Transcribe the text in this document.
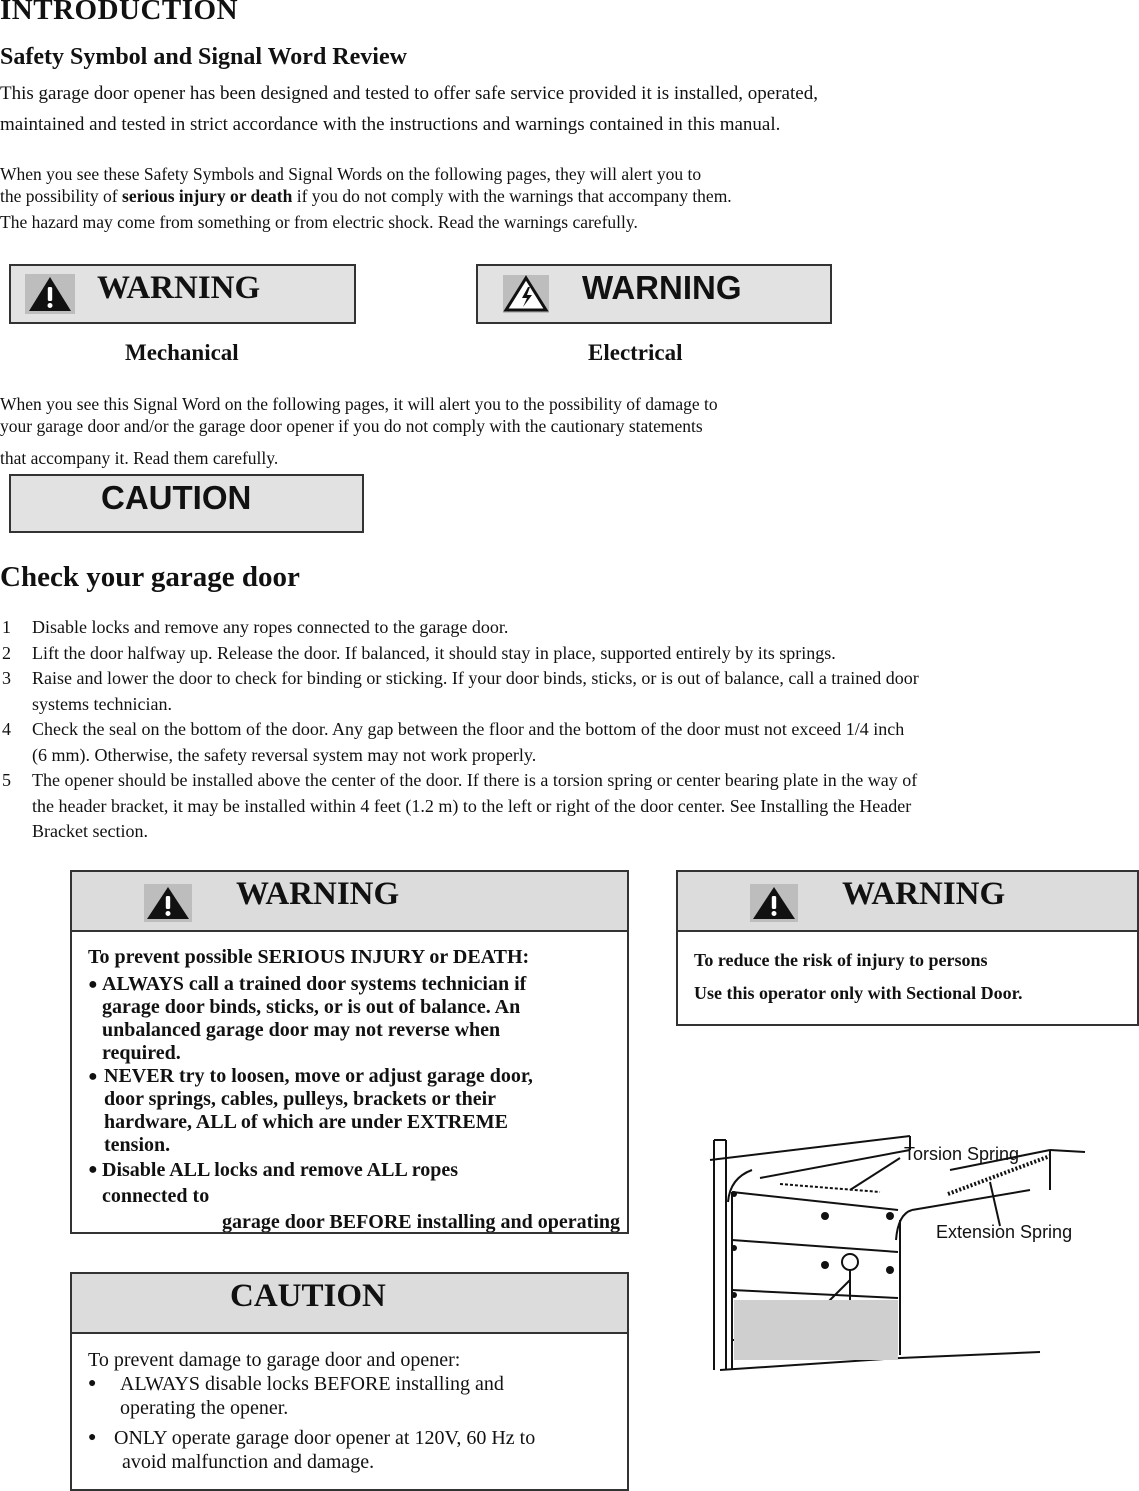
INTRODUCTION
Safety Symbol and Signal Word Review
This garage door opener has been designed and tested to offer safe service provided it is installed, operated,
maintained and tested in strict accordance with the instructions and warnings contained in this manual.
When you see these Safety Symbols and Signal Words on the following pages, they will alert you to
the possibility of serious injury or death if you do not comply with the warnings that accompany them.
The hazard may come from something or from electric shock. Read the warnings carefully.
WARNING	WARNING
Mechanical	Electrical
When you see this Signal Word on the following pages, it will alert you to the possibility of damage to
your garage door and/or the garage door opener if you do not comply with the cautionary statements
that accompany it. Read them carefully.
CAUTION
Check your garage door
1 Disable locks and remove any ropes connected to the garage door.
2 Lift the door halfway up. Release the door. If balanced, it should stay in place, supported entirely by its springs.
3 Raise and lower the door to check for binding or sticking. If your door binds, sticks, or is out of balance, call a trained door
systems technician.
4 Check the seal on the bottom of the door. Any gap between the floor and the bottom of the door must not exceed 1/4 inch
(6 mm). Otherwise, the safety reversal system may not work properly.
5 The opener should be installed above the center of the door. If there is a torsion spring or center bearing plate in the way of
the header bracket, it may be installed within 4 feet (1.2 m) to the left or right of the door center. See Installing the Header
Bracket section.
WARNING
To prevent possible SERIOUS INJURY or DEATH:
● ALWAYS call a trained door systems technician if
garage door binds, sticks, or is out of balance. An
unbalanced garage door may not reverse when
required.
● NEVER try to loosen, move or adjust garage door,
door springs, cables, pulleys, brackets or their
hardware, ALL of which are under EXTREME
tension.
● Disable ALL locks and remove ALL ropes
connected to
garage door BEFORE installing and operating
WARNING
To reduce the risk of injury to persons
Use this operator only with Sectional Door.
CAUTION
To prevent damage to garage door and opener:
● ALWAYS disable locks BEFORE installing and
operating the opener.
● ONLY operate garage door opener at 120V, 60 Hz to
avoid malfunction and damage.
Torsion Spring
Extension Spring
